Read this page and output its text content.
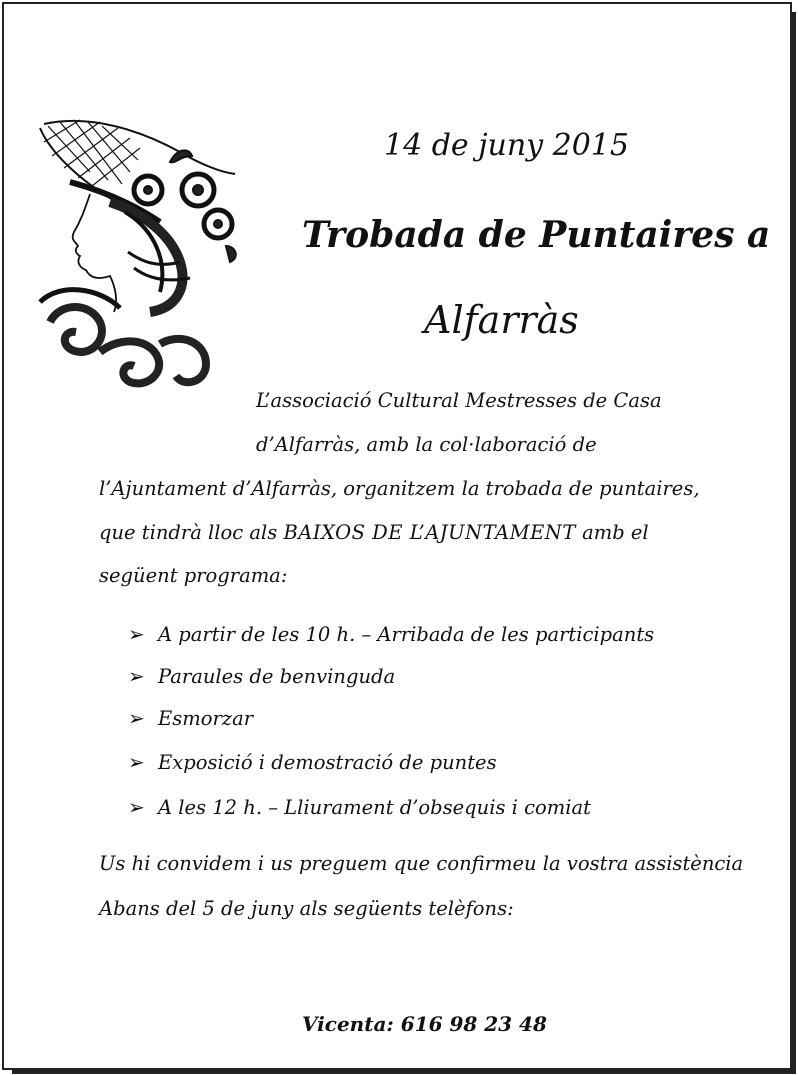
14 de juny 2015
Trobada de Puntaires a
Alfarràs
L’associació Cultural Mestresses de Casa
d’Alfarràs, amb la col·laboració de
l’Ajuntament d’Alfarràs, organitzem la trobada de puntaires,
que tindrà lloc als BAIXOS DE L’AJUNTAMENT amb el
següent programa:
➢ A partir de les 10 h. – Arribada de les participants
➢ Paraules de benvinguda
➢ Esmorzar
➢ Exposició i demostració de puntes
➢ A les 12 h. – Lliurament d’obsequis i comiat
Us hi convidem i us preguem que confirmeu la vostra assistència
Abans del 5 de juny als següents telèfons:
Vicenta: 616 98 23 48
